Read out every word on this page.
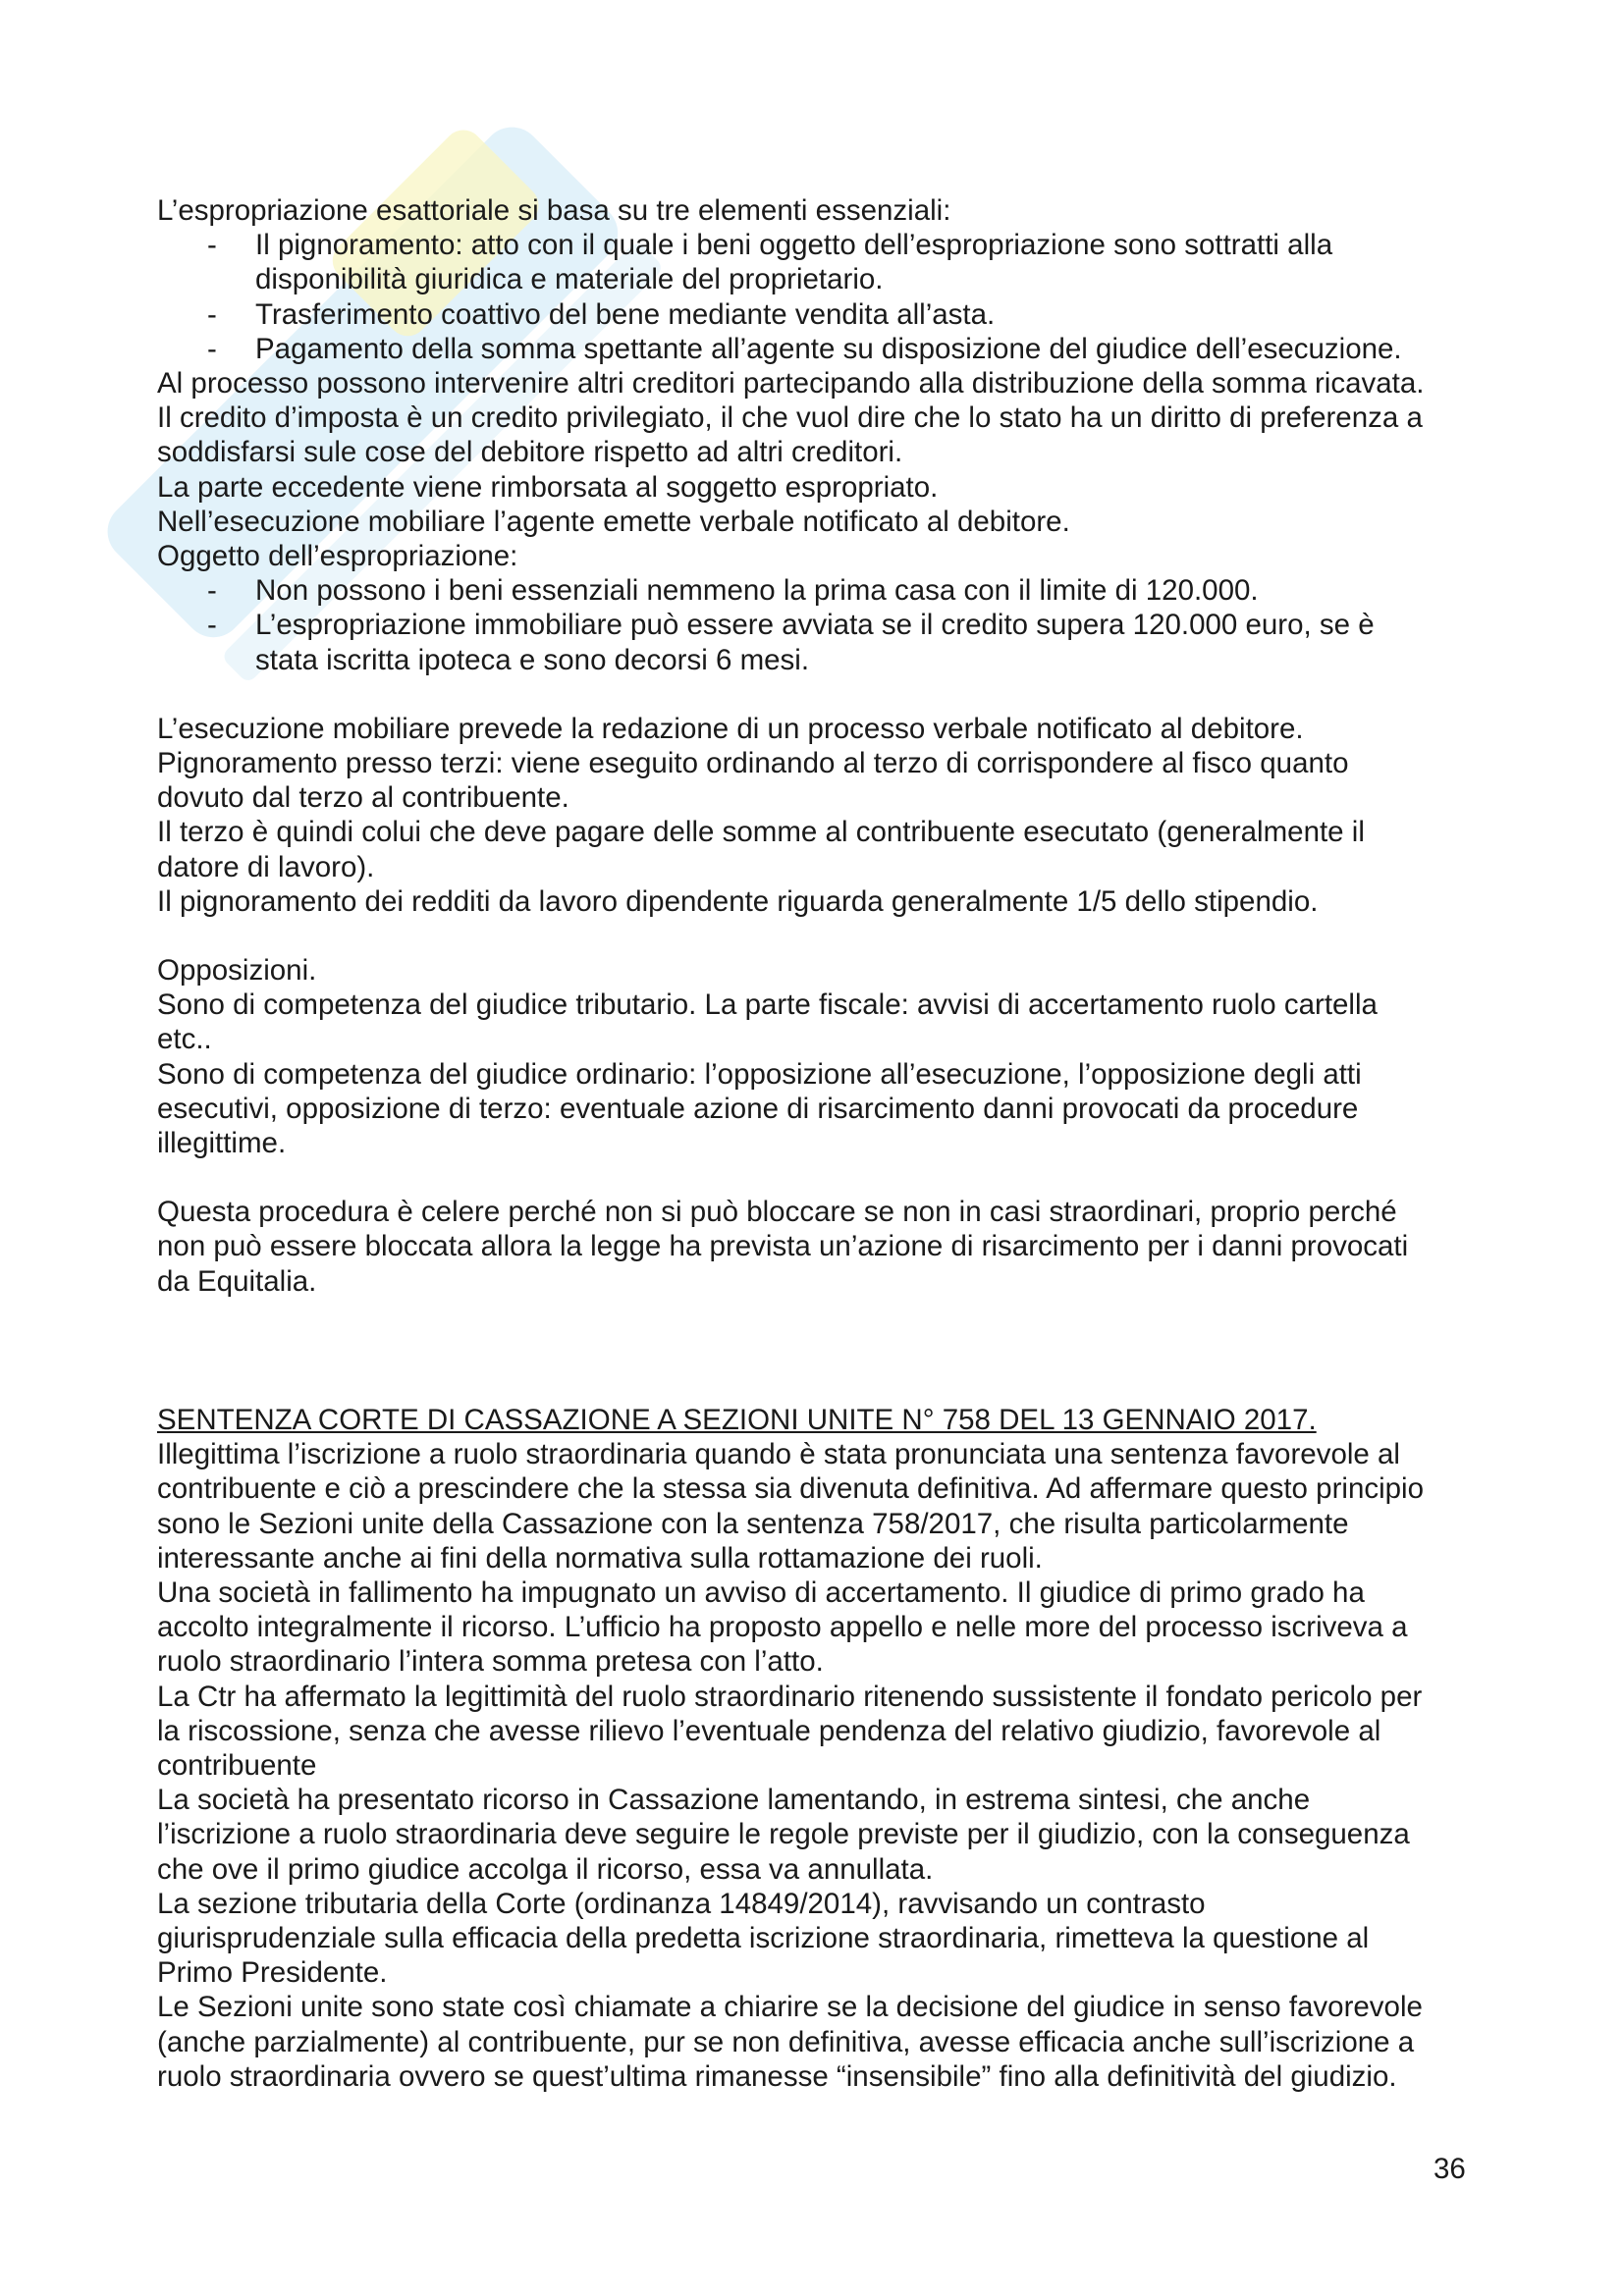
L’espropriazione esattoriale si basa su tre elementi essenziali:

- Il pignoramento: atto con il quale i beni oggetto dell’espropriazione sono sottratti alla
disponibilità giuridica e materiale del proprietario.
- Trasferimento coattivo del bene mediante vendita all’asta.
- Pagamento della somma spettante all’agente su disposizione del giudice dell’esecuzione.

Al processo possono intervenire altri creditori partecipando alla distribuzione della somma ricavata.

Il credito d’imposta è un credito privilegiato, il che vuol dire che lo stato ha un diritto di preferenza a
soddisfarsi sule cose del debitore rispetto ad altri creditori.

La parte eccedente viene rimborsata al soggetto espropriato.

Nell’esecuzione mobiliare l’agente emette verbale notificato al debitore.

Oggetto dell’espropriazione:

- Non possono i beni essenziali nemmeno la prima casa con il limite di 120.000.
- L’espropriazione immobiliare può essere avviata se il credito supera 120.000 euro, se è
stata iscritta ipoteca e sono decorsi 6 mesi.

L’esecuzione mobiliare prevede la redazione di un processo verbale notificato al debitore.

Pignoramento presso terzi: viene eseguito ordinando al terzo di corrispondere al fisco quanto
dovuto dal terzo al contribuente.

Il terzo è quindi colui che deve pagare delle somme al contribuente esecutato (generalmente il
datore di lavoro).

Il pignoramento dei redditi da lavoro dipendente riguarda generalmente 1/5 dello stipendio.

Opposizioni.

Sono di competenza del giudice tributario. La parte fiscale: avvisi di accertamento ruolo cartella
etc..

Sono di competenza del giudice ordinario: l’opposizione all’esecuzione, l’opposizione degli atti
esecutivi, opposizione di terzo: eventuale azione di risarcimento danni provocati da procedure
illegittime.

Questa procedura è celere perché non si può bloccare se non in casi straordinari, proprio perché
non può essere bloccata allora la legge ha prevista un’azione di risarcimento per i danni provocati
da Equitalia.

SENTENZA CORTE DI CASSAZIONE A SEZIONI UNITE N° 758 DEL 13 GENNAIO 2017.

Illegittima l’iscrizione a ruolo straordinaria quando è stata pronunciata una sentenza favorevole al
contribuente e ciò a prescindere che la stessa sia divenuta definitiva. Ad affermare questo principio
sono le Sezioni unite della Cassazione con la sentenza 758/2017, che risulta particolarmente
interessante anche ai fini della normativa sulla rottamazione dei ruoli.

Una società in fallimento ha impugnato un avviso di accertamento. Il giudice di primo grado ha
accolto integralmente il ricorso. L’ufficio ha proposto appello e nelle more del processo iscriveva a
ruolo straordinario l’intera somma pretesa con l’atto.

La Ctr ha affermato la legittimità del ruolo straordinario ritenendo sussistente il fondato pericolo per
la riscossione, senza che avesse rilievo l’eventuale pendenza del relativo giudizio, favorevole al
contribuente

La società ha presentato ricorso in Cassazione lamentando, in estrema sintesi, che anche
l’iscrizione a ruolo straordinaria deve seguire le regole previste per il giudizio, con la conseguenza
che ove il primo giudice accolga il ricorso, essa va annullata.

La sezione tributaria della Corte (ordinanza 14849/2014), ravvisando un contrasto
giurisprudenziale sulla efficacia della predetta iscrizione straordinaria, rimetteva la questione al
Primo Presidente.

Le Sezioni unite sono state così chiamate a chiarire se la decisione del giudice in senso favorevole
(anche parzialmente) al contribuente, pur se non definitiva, avesse efficacia anche sull’iscrizione a
ruolo straordinaria ovvero se quest’ultima rimanesse “insensibile” fino alla definitività del giudizio.

36
